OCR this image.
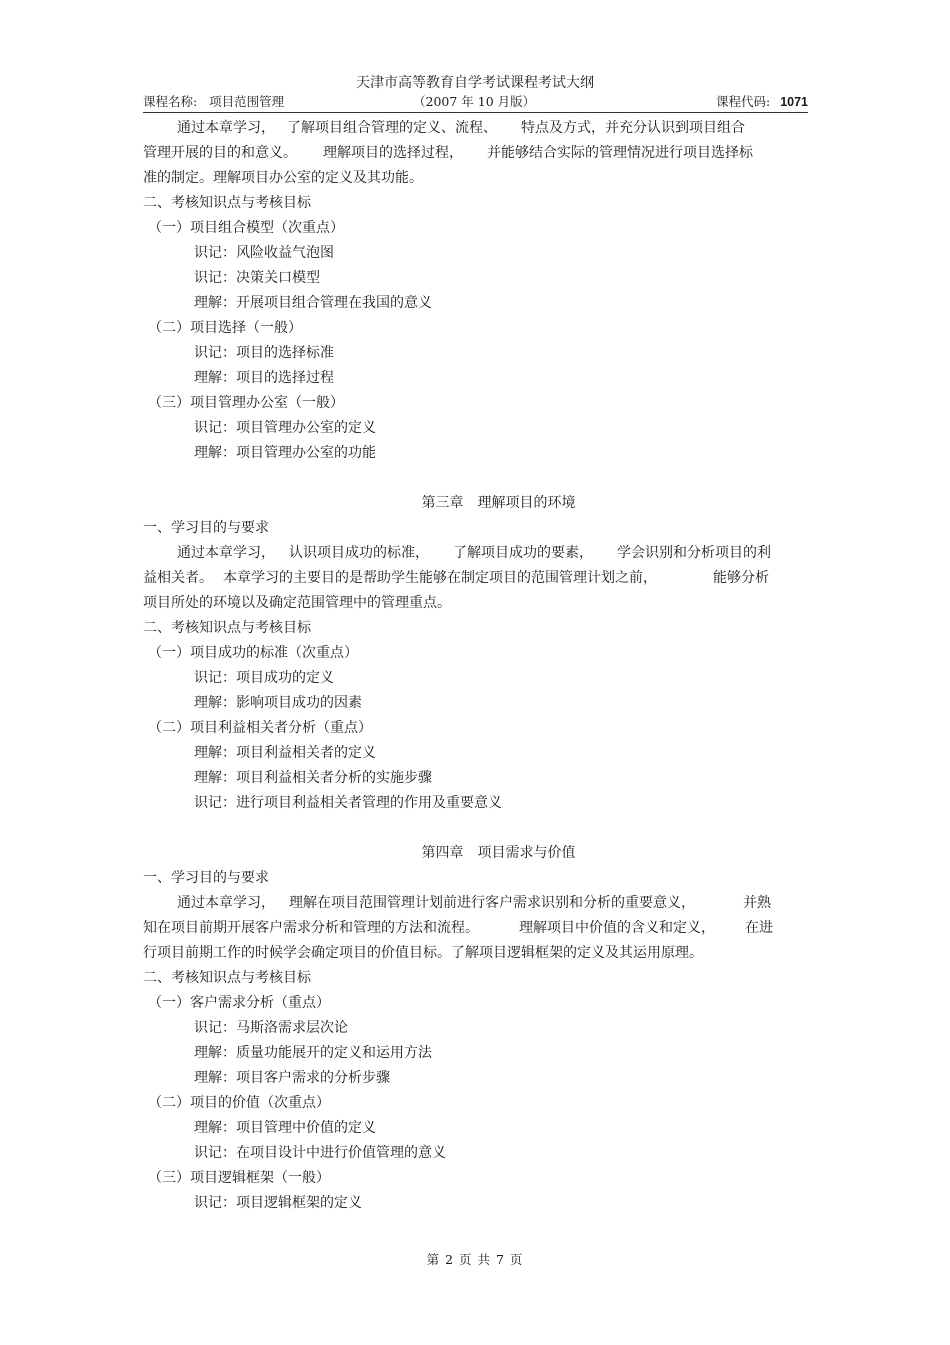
天津市高等教育自学考试课程考试大纲
课程名称: 项目范围管理	（2007 年 10 月版）	课程代码: 1071
通过本章学习， 了解项目组合管理的定义、流程、 特点及方式，并充分认识到项目组合
管理开展的目的和意义。 理解项目的选择过程， 并能够结合实际的管理情况进行项目选择标
准的制定。理解项目办公室的定义及其功能。
二、考核知识点与考核目标
（一）项目组合模型（次重点）
识记：风险收益气泡图
识记：决策关口模型
理解：开展项目组合管理在我国的意义
（二）项目选择（一般）
识记：项目的选择标准
理解：项目的选择过程
（三）项目管理办公室（一般）
识记：项目管理办公室的定义
理解：项目管理办公室的功能
第三章　理解项目的环境
一、学习目的与要求
通过本章学习， 认识项目成功的标准， 了解项目成功的要素， 学会识别和分析项目的利
益相关者。 本章学习的主要目的是帮助学生能够在制定项目的范围管理计划之前，	能够分析
项目所处的环境以及确定范围管理中的管理重点。
二、考核知识点与考核目标
（一）项目成功的标准（次重点）
识记：项目成功的定义
理解：影响项目成功的因素
（二）项目利益相关者分析（重点）
理解：项目利益相关者的定义
理解：项目利益相关者分析的实施步骤
识记：进行项目利益相关者管理的作用及重要意义
第四章　项目需求与价值
一、学习目的与要求
通过本章学习， 理解在项目范围管理计划前进行客户需求识别和分析的重要意义，	并熟
知在项目前期开展客户需求分析和管理的方法和流程。	理解项目中价值的含义和定义， 在进
行项目前期工作的时候学会确定项目的价值目标。了解项目逻辑框架的定义及其运用原理。
二、考核知识点与考核目标
（一）客户需求分析（重点）
识记：马斯洛需求层次论
理解：质量功能展开的定义和运用方法
理解：项目客户需求的分析步骤
（二）项目的价值（次重点）
理解：项目管理中价值的定义
识记：在项目设计中进行价值管理的意义
（三）项目逻辑框架（一般）
识记：项目逻辑框架的定义
第 2 页 共 7 页
